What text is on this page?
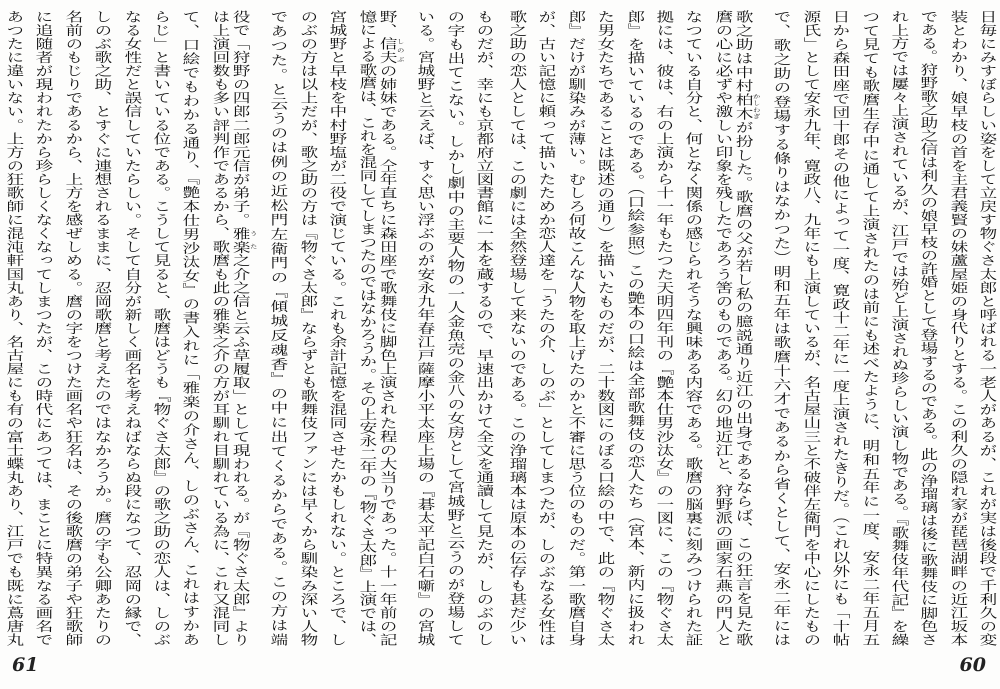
ものだが、幸にも京都府立図書館に一本を蔵するので、早速出かけて全文を通讀して見たが、しのぶのし
の字も出てこない。しかし劇中の主要人物の一人金魚売の金八の女房として宮城野と云うのが登場して
いる。宮城野と云えば、すぐ思い浮ぶのが安永九年春江戸薩摩小平太座上場の『碁太平記白石噺』の宮城
野、信夫 しのぶの姉妹である。仝年直ちに森田座で歌舞伎に脚色上演された程の大当りであった。十一年前の記
憶による歌麿は、これを混同してしまつたのではなかろうか。その上安永二年の『物ぐさ太郎』上演では、
宮城野と早枝を中村野塩が二役で演じている。これも余計記憶を混同させたかもしれない。ところで、し
のぶの方は以上だが、歌之助の方は『物ぐさ太郎』ならずとも歌舞伎ファンには早くから馴染み深い人物
であつた。と云うのは例の近松門左衛門の『傾城反魂香』の中に出てくるからである。この方は端
役で「狩野の四郎二郎元信が弟子。雅楽 うた之介之信と云ふ草履取」として現われる。が『物ぐさ太郎』より
は上演回数も多い評判作であるから、歌麿も此の雅楽之介の方が耳馴れ目馴れている為に、これ又混同し
て、口絵でもわかる通り、『艶本仕男沙汰女』の書入れに「雅楽の介さん、しのぶさん、これはすかあ
らじ」と書いている位である。こうして見ると、歌麿はどうも『物ぐさ太郎』の歌之助の恋人は、しのぶ
なる女性だと誤信していたらしい。そして自分が新しく画名を考えねばならぬ段になつて、忍岡の縁で、
しのぶ歌之助、とすぐに連想されるままに、忍岡歌麿と考えたのではなかろうか。麿の字も公卿あたりの
名前のもじりであるから、上方を感ぜしめる。麿の字をつけた画名や狂名は、その後歌麿の弟子や狂歌師
に追随者が現われたから珍らしくなくなってしまつたが、この時代にあつては、まことに特異なる画名で
あつたに違いない。上方の狂歌師に混沌軒国丸あり、名古屋にも有の富士蝶丸あり、江戸でも既に蔦唐丸
61
日毎にみすぼらしい姿をして立戻す物ぐさ太郎と呼ばれる一老人があるが、これが実は後段で千利久の変
装とわかり、娘早枝の首を主君義賢の妹蘆屋姫の身代りとする。この利久の隠れ家が琵琶湖畔の近江坂本
である。狩野歌之助之信は利久の娘早枝の許婚として登場するのである。此の浄瑠璃は後に歌舞伎に脚色さ
れ上方では屢々上演されているが、江戸では殆ど上演されぬ珍らしい演し物である。『歌舞伎年代記』を繰
つて見ても歌麿生存中に通して上演されたのは前にも述べたように、明和五年に一度、安永二年五月五
日から森田座で団十郎その他によって一度、寛政十二年に一度上演されたきりだ。（これ以外にも「十帖
源氏」として安永九年、寛政八、九年にも上演しているが、名古屋山三と不破伴左衛門を中心にしたもの
で、歌之助の登場する條りはなかつた）明和五年は歌麿十六才であるから省くとして、安永二年には
歌之助は中村柏木 かしわぎが扮した。歌麿の父が若し私の臆説通り近江の出身であるならば、この狂言を見た歌
麿の心に必ずや激しい印象を残したであろう筈のものである。幻の地近江と、狩野派の画家石燕の門人と
なつている自分と、何となく関係の感じられそうな興味ある内容である。歌麿の脳裏に刻みつけられた証
拠には、彼は、右の上演から十一年もたつた天明四年刊の『艶本仕男沙汰女』の一図に、この『物ぐさ太
郎』を描いているのである。（口絵参照）この艶本の口絵は全部歌舞伎の恋人たち（宮本、新内に扱われ
た男女たちであることは既述の通り）を描いたものだが、二十数図にのぼる口絵の中で、此の『物ぐさ太
郎』だけが馴染みが薄い。むしろ何故こんな人物を取上げたのかと不審に思う位のものだ。第一歌麿自身
が、古い記憶に頼って描いたためか恋人達を「うたの介、しのぶ」としてしまつたが、しのぶなる女性は
歌之助の恋人としては、この劇には全然登場して来ないのである。この浄瑠璃本は原本の伝存も甚だ少い
60
